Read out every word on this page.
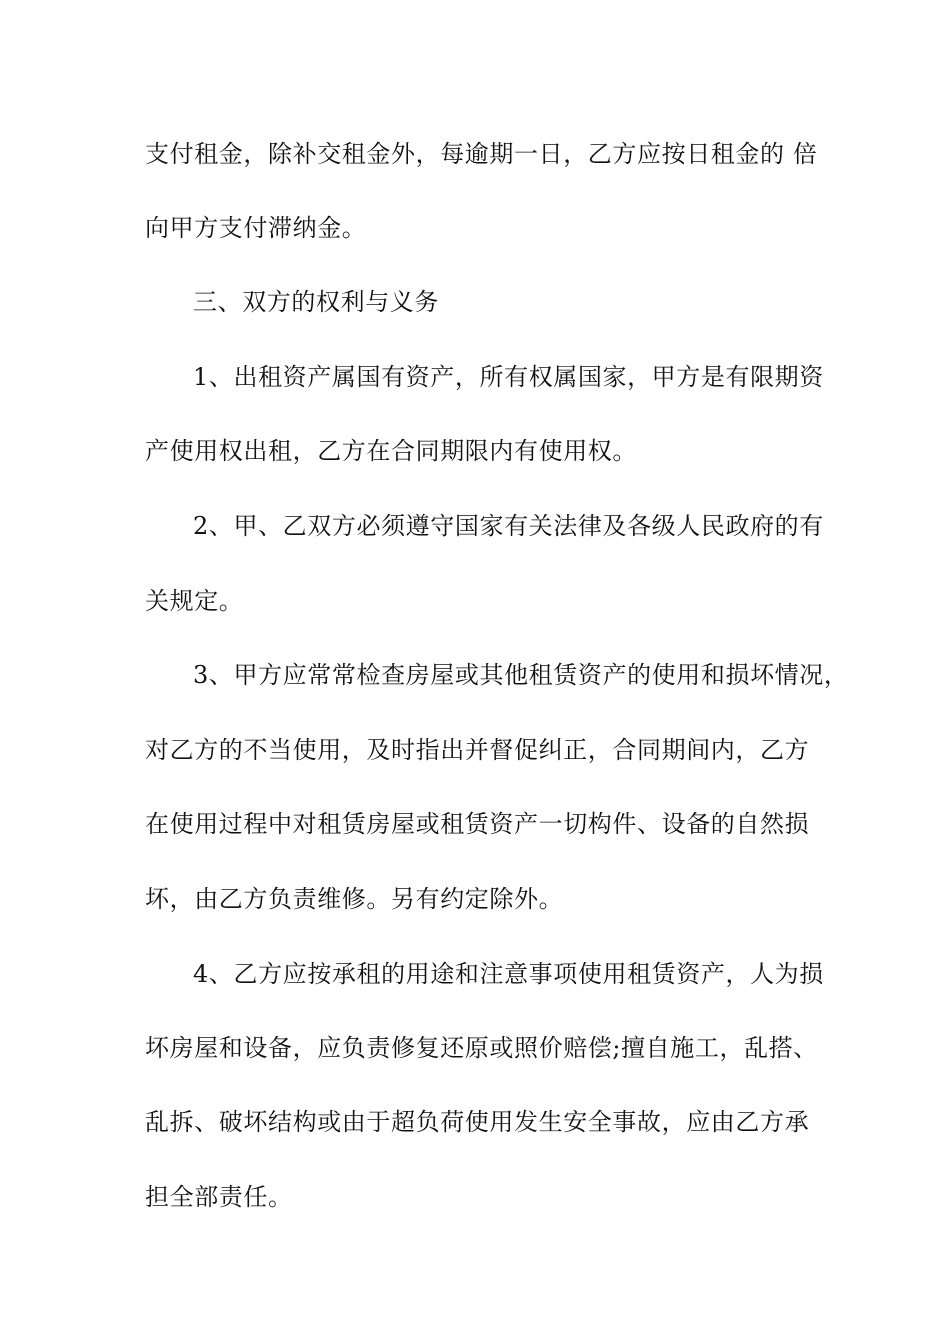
支付租金，除补交租金外，每逾期一日，乙方应按日租金的 倍
向甲方支付滞纳金。
三、双方的权利与义务
1、出租资产属国有资产，所有权属国家，甲方是有限期资
产使用权出租，乙方在合同期限内有使用权。
2、甲、乙双方必须遵守国家有关法律及各级人民政府的有
关规定。
3、甲方应常常检查房屋或其他租赁资产的使用和损坏情况，
对乙方的不当使用，及时指出并督促纠正，合同期间内，乙方
在使用过程中对租赁房屋或租赁资产一切构件、设备的自然损
坏，由乙方负责维修。另有约定除外。
4、乙方应按承租的用途和注意事项使用租赁资产，人为损
坏房屋和设备，应负责修复还原或照价赔偿;擅自施工，乱搭、
乱拆、破坏结构或由于超负荷使用发生安全事故，应由乙方承
担全部责任。
